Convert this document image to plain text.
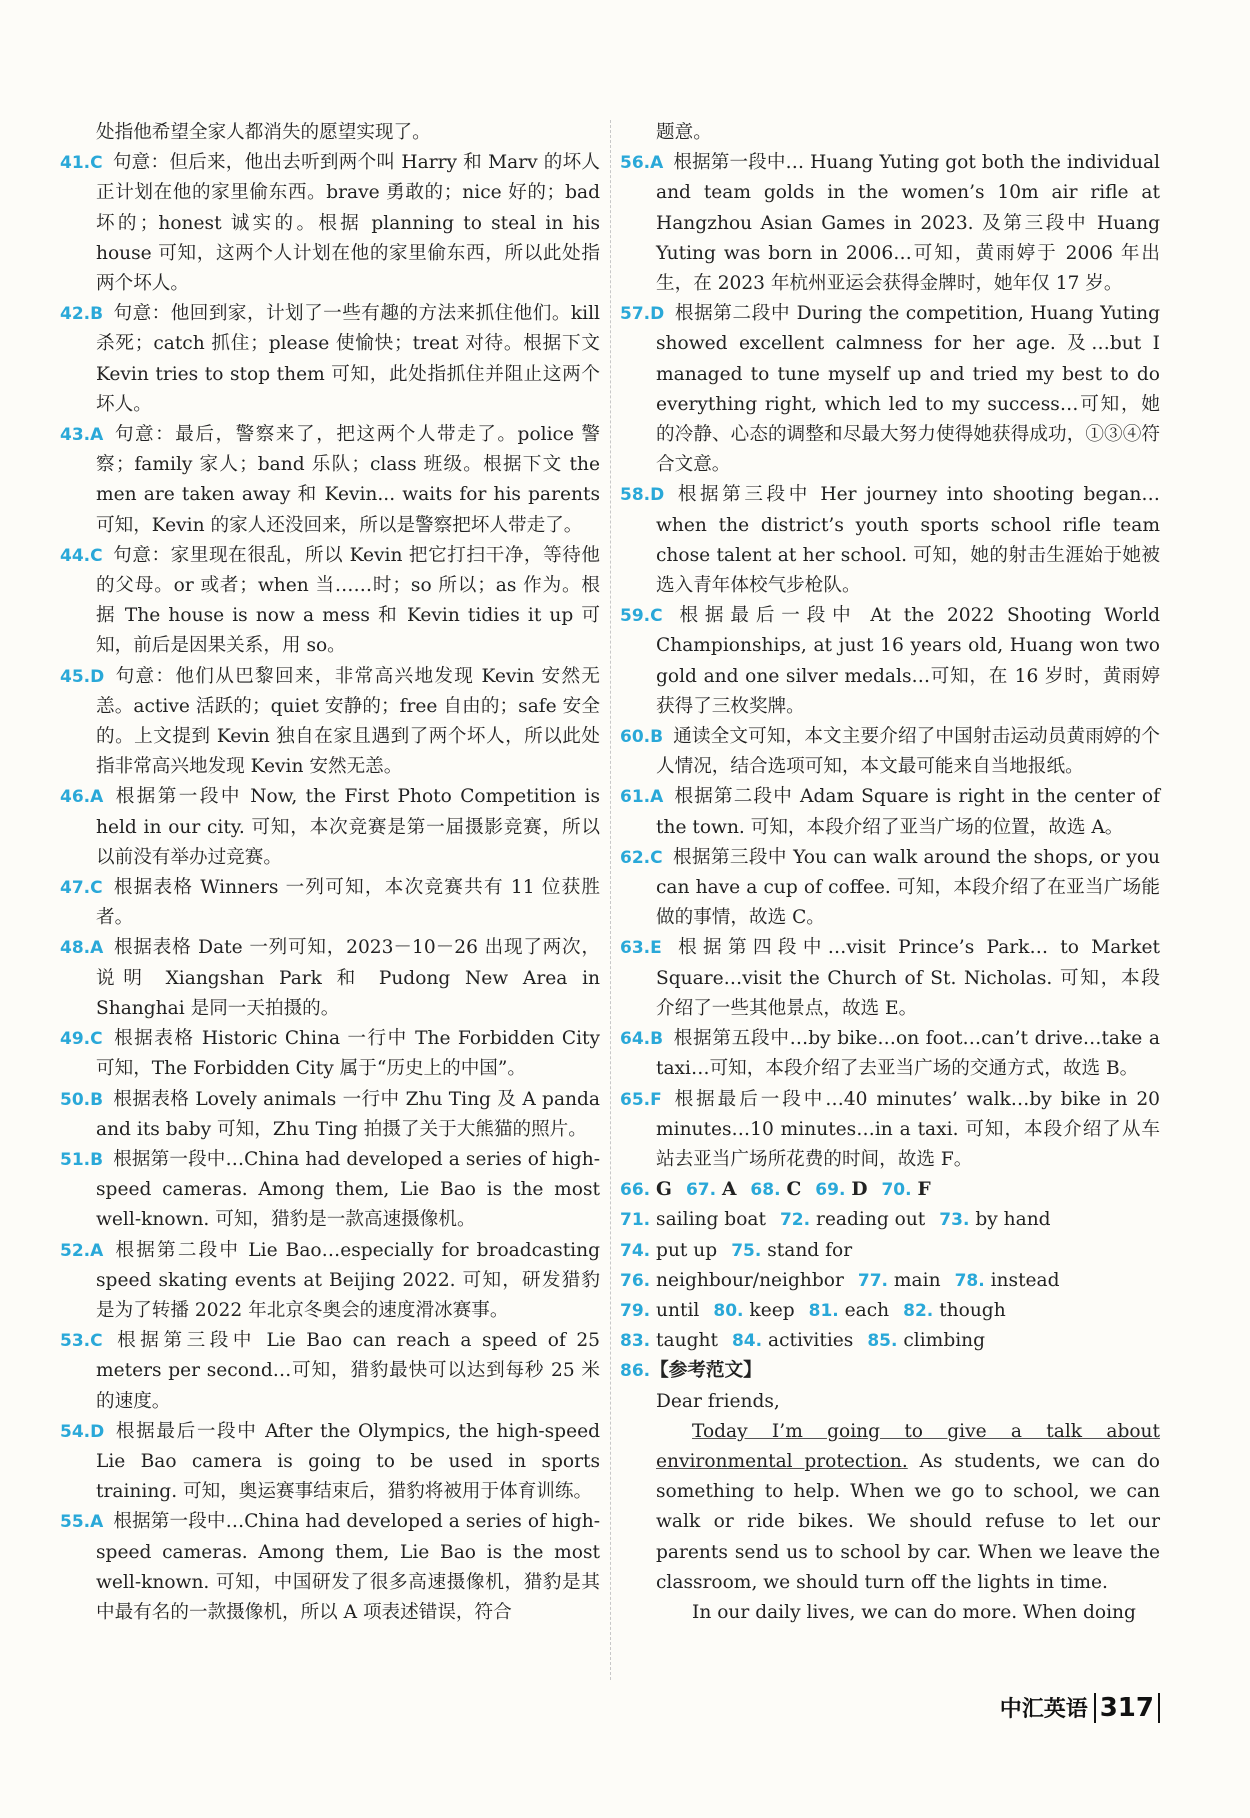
处指他希望全家人都消失的愿望实现了。

41.C 句意：但后来，他出去听到两个叫 Harry 和 Marv 的坏人正计划在他的家里偷东西。brave 勇敢的；nice 好的；bad 坏的；honest 诚实的。根据 planning to steal in his house 可知，这两个人计划在他的家里偷东西，所以此处指两个坏人。

42.B 句意：他回到家，计划了一些有趣的方法来抓住他们。kill 杀死；catch 抓住；please 使愉快；treat 对待。根据下文 Kevin tries to stop them 可知，此处指抓住并阻止这两个坏人。

43.A 句意：最后，警察来了，把这两个人带走了。police 警察；family 家人；band 乐队；class 班级。根据下文 the men are taken away 和 Kevin... waits for his parents 可知，Kevin 的家人还没回来，所以是警察把坏人带走了。

44.C 句意：家里现在很乱，所以 Kevin 把它打扫干净，等待他的父母。or 或者；when 当……时；so 所以；as 作为。根据 The house is now a mess 和 Kevin tidies it up 可知，前后是因果关系，用 so。

45.D 句意：他们从巴黎回来，非常高兴地发现 Kevin 安然无恙。active 活跃的；quiet 安静的；free 自由的；safe 安全的。上文提到 Kevin 独自在家且遇到了两个坏人，所以此处指非常高兴地发现 Kevin 安然无恙。

46.A 根据第一段中 Now, the First Photo Competition is held in our city. 可知，本次竞赛是第一届摄影竞赛，所以以前没有举办过竞赛。

47.C 根据表格 Winners 一列可知，本次竞赛共有 11 位获胜者。

48.A 根据表格 Date 一列可知，2023－10－26 出现了两次，说明 Xiangshan Park 和 Pudong New Area in Shanghai 是同一天拍摄的。

49.C 根据表格 Historic China 一行中 The Forbidden City 可知，The Forbidden City 属于“历史上的中国”。

50.B 根据表格 Lovely animals 一行中 Zhu Ting 及 A panda and its baby 可知，Zhu Ting 拍摄了关于大熊猫的照片。

51.B 根据第一段中…China had developed a series of high-speed cameras. Among them, Lie Bao is the most well-known. 可知，猎豹是一款高速摄像机。

52.A 根据第二段中 Lie Bao…especially for broadcasting speed skating events at Beijing 2022. 可知，研发猎豹是为了转播 2022 年北京冬奥会的速度滑冰赛事。

53.C 根据第三段中 Lie Bao can reach a speed of 25 meters per second…可知，猎豹最快可以达到每秒 25 米的速度。

54.D 根据最后一段中 After the Olympics, the high-speed Lie Bao camera is going to be used in sports training. 可知，奥运赛事结束后，猎豹将被用于体育训练。

55.A 根据第一段中…China had developed a series of high-speed cameras. Among them, Lie Bao is the most well-known. 可知，中国研发了很多高速摄像机，猎豹是其中最有名的一款摄像机，所以 A 项表述错误，符合

题意。

56.A 根据第一段中… Huang Yuting got both the individual and team golds in the women’s 10m air rifle at Hangzhou Asian Games in 2023. 及第三段中 Huang Yuting was born in 2006…可知，黄雨婷于 2006 年出生，在 2023 年杭州亚运会获得金牌时，她年仅 17 岁。

57.D 根据第二段中 During the competition, Huang Yuting showed excellent calmness for her age. 及…but I managed to tune myself up and tried my best to do everything right, which led to my success…可知，她的冷静、心态的调整和尽最大努力使得她获得成功，①③④符合文意。

58.D 根据第三段中 Her journey into shooting began… when the district’s youth sports school rifle team chose talent at her school. 可知，她的射击生涯始于她被选入青年体校气步枪队。

59.C 根据最后一段中 At the 2022 Shooting World Championships, at just 16 years old, Huang won two gold and one silver medals…可知，在 16 岁时，黄雨婷获得了三枚奖牌。

60.B 通读全文可知，本文主要介绍了中国射击运动员黄雨婷的个人情况，结合选项可知，本文最可能来自当地报纸。

61.A 根据第二段中 Adam Square is right in the center of the town. 可知，本段介绍了亚当广场的位置，故选 A。

62.C 根据第三段中 You can walk around the shops, or you can have a cup of coffee. 可知，本段介绍了在亚当广场能做的事情，故选 C。

63.E 根据第四段中…visit Prince’s Park… to Market Square…visit the Church of St. Nicholas. 可知，本段介绍了一些其他景点，故选 E。

64.B 根据第五段中…by bike…on foot…can’t drive…take a taxi…可知，本段介绍了去亚当广场的交通方式，故选 B。

65.F 根据最后一段中…40 minutes’ walk…by bike in 20 minutes…10 minutes…in a taxi. 可知，本段介绍了从车站去亚当广场所花费的时间，故选 F。

66. G 67. A 68. C 69. D 70. F

71. sailing boat 72. reading out 73. by hand

74. put up 75. stand for

76. neighbour/neighbor 77. main 78. instead

79. until 80. keep 81. each 82. though

83. taught 84. activities 85. climbing

86.【参考范文】

Dear friends,

Today I’m going to give a talk about environmental protection. As students, we can do something to help. When we go to school, we can walk or ride bikes. We should refuse to let our parents send us to school by car. When we leave the classroom, we should turn off the lights in time.

In our daily lives, we can do more. When doing

中汇英语 317
